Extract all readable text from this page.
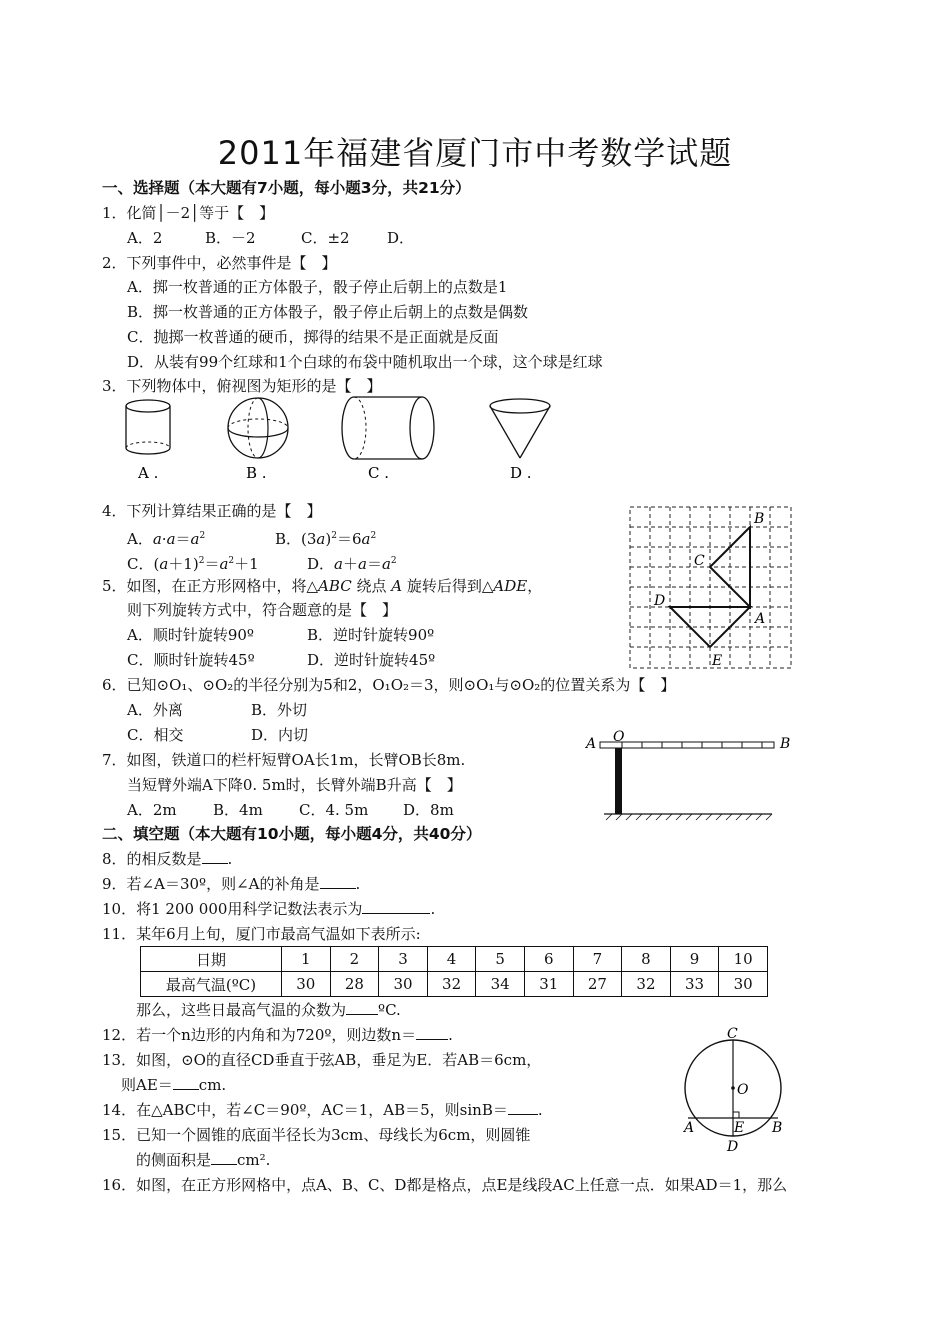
2011年福建省厦门市中考数学试题
一、选择题（本大题有7小题，每小题3分，共21分）
1．化简│－2│等于【　】
A．2	B．－2	C．±2 D．
2．下列事件中，必然事件是【　】
A．掷一枚普通的正方体骰子，骰子停止后朝上的点数是1
B．掷一枚普通的正方体骰子，骰子停止后朝上的点数是偶数
C．抛掷一枚普通的硬币，掷得的结果不是正面就是反面
D．从装有99个红球和1个白球的布袋中随机取出一个球，这个球是红球
3．下列物体中，俯视图为矩形的是【　】
A .	B .	C .	D .
4．下列计算结果正确的是【　】
A．$a\cdot a=a^2$	B．$(3a)^2=6a^2$
C．$(a+1)^2=a^2+1$	D．$a+a=a^2$
5．如图，在正方形网格中，将△ABC 绕点 A 旋转后得到△ADE，
则下列旋转方式中，符合题意的是【　】
A．顺时针旋转90º	B．逆时针旋转90º
C．顺时针旋转45º	D．逆时针旋转45º
B
C
D
A
E
6．已知⊙O₁、⊙O₂的半径分别为5和2，O₁O₂＝3，则⊙O₁与⊙O₂的位置关系为【　】
A．外离	B．外切
C．相交	D．内切	A O	B
7．如图，铁道口的栏杆短臂OA长1m，长臂OB长8m.
当短臂外端A下降0. 5m时，长臂外端B升高【　】
A．2m B．4m C．4. 5m D．8m
二、填空题（本大题有10小题，每小题4分，共40分）
8．的相反数是 .
9．若∠A＝30º，则∠A的补角是 .
10．将1 200 000用科学记数法表示为	.
11．某年6月上旬，厦门市最高气温如下表所示:
日期	1	2	3	4	5	6	7	8	9	10
最高气温(ºC)	30	28	30	32	34	31	27	32	33	30
那么，这些日最高气温的众数为 ºC.
12．若一个n边形的内角和为720º，则边数n＝ .
13．如图，⊙O的直径CD垂直于弦AB，垂足为E．若AB＝6cm，
则AE＝ cm.
14．在△ABC中，若∠C＝90º，AC＝1，AB＝5，则sinB＝ .
15．已知一个圆锥的底面半径长为3cm、母线长为6cm，则圆锥
的侧面积是 cm².
16．如图，在正方形网格中，点A、B、C、D都是格点，点E是线段AC上任意一点．如果AD＝1，那么
C
O
A	E B
D
